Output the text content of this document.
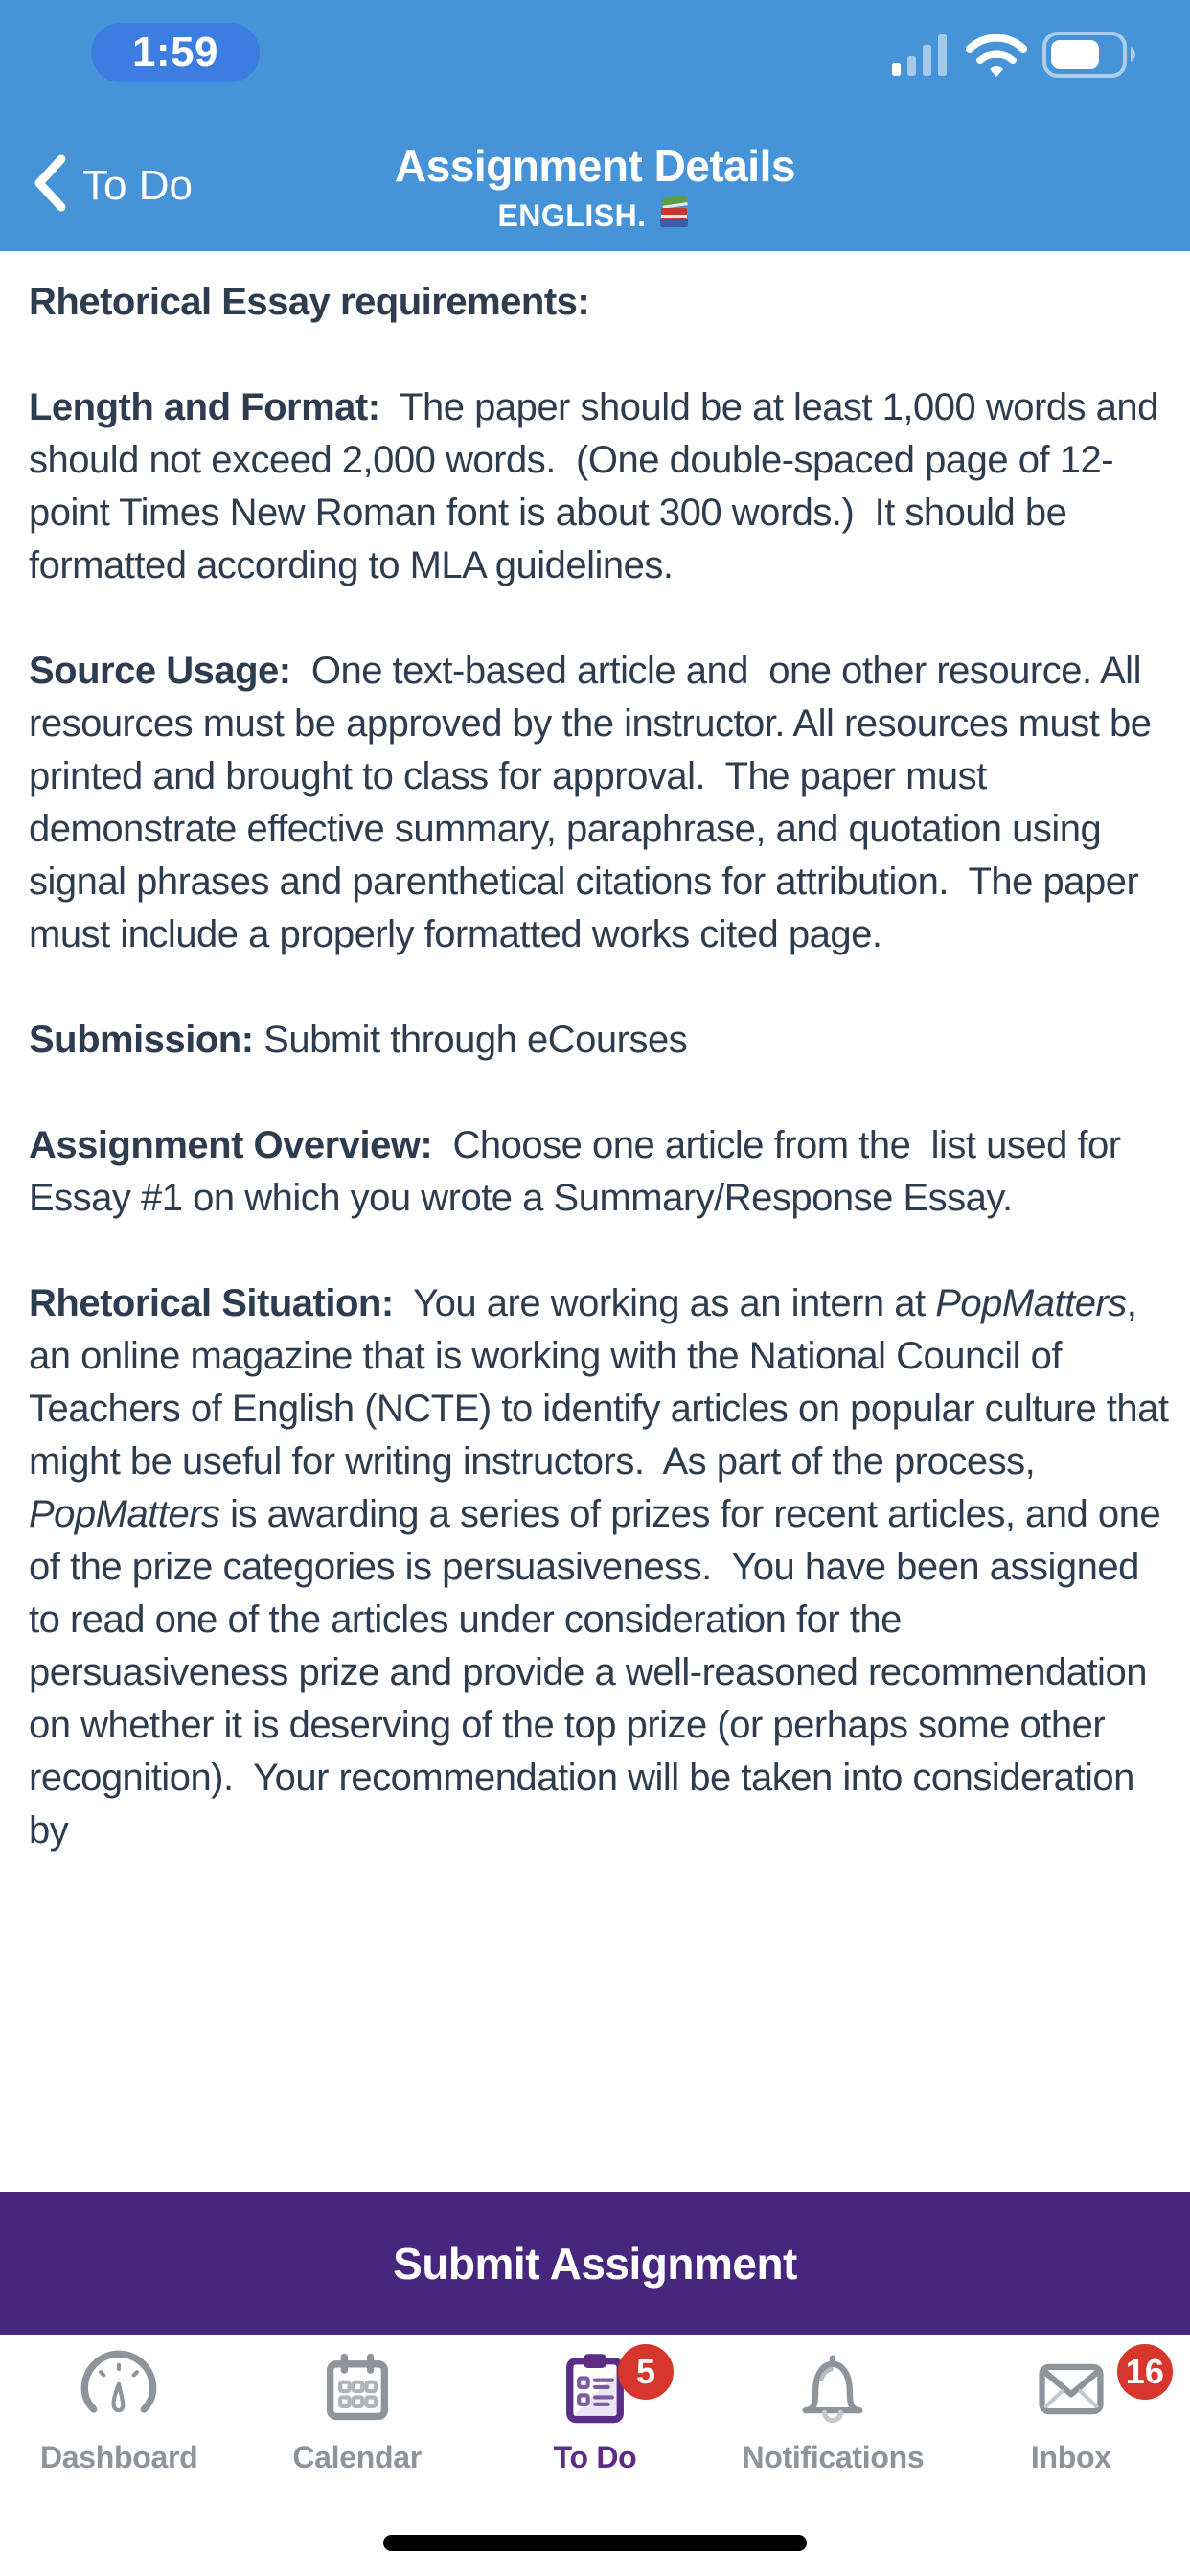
1:59
To Do	Assignment Details
ENGLISH.

Rhetorical Essay requirements:

Length and Format:  The paper should be at least 1,000 words and should not exceed 2,000 words.  (One double-spaced page of 12-point Times New Roman font is about 300 words.)  It should be formatted according to MLA guidelines.

Source Usage:  One text-based article and  one other resource. All resources must be approved by the instructor. All resources must be printed and brought to class for approval.  The paper must demonstrate effective summary, paraphrase, and quotation using signal phrases and parenthetical citations for attribution.  The paper must include a properly formatted works cited page.

Submission: Submit through eCourses

Assignment Overview:  Choose one article from the  list used for Essay #1 on which you wrote a Summary/Response Essay.

Rhetorical Situation:  You are working as an intern at PopMatters, an online magazine that is working with the National Council of Teachers of English (NCTE) to identify articles on popular culture that might be useful for writing instructors.  As part of the process, PopMatters is awarding a series of prizes for recent articles, and one of the prize categories is persuasiveness.  You have been assigned to read one of the articles under consideration for the persuasiveness prize and provide a well-reasoned recommendation on whether it is deserving of the top prize (or perhaps some other recognition).  Your recommendation will be taken into consideration by

Submit Assignment
Dashboard	Calendar
5
To Do	Notifications
16
Inbox
